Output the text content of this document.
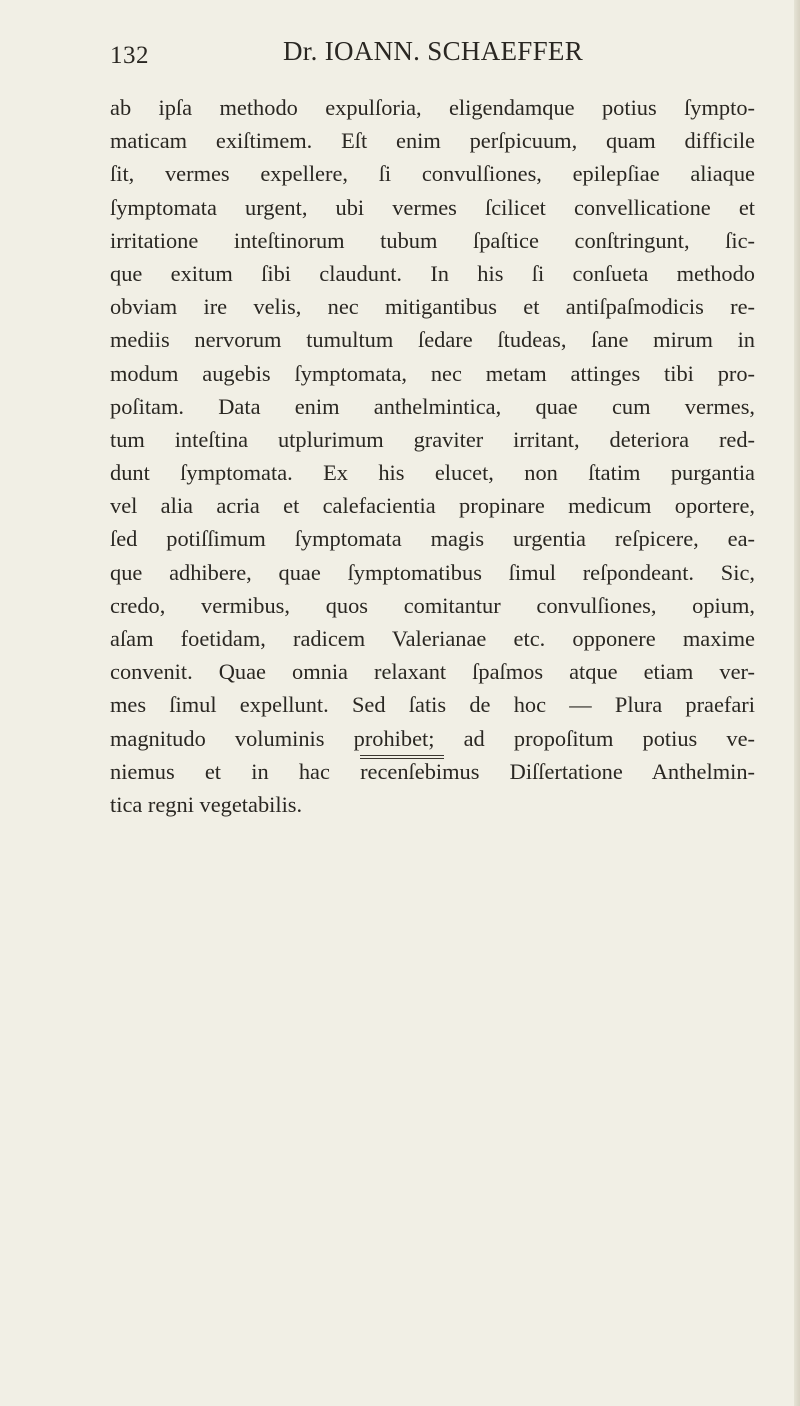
132	Dr. IOANN. SCHAEFFER
ab ipſa methodo expulſoria, eligendamque potius ſympto-
maticam exiſtimem. Eſt enim perſpicuum, quam difficile
ſit, vermes expellere, ſi convulſiones, epilepſiae aliaque
ſymptomata urgent, ubi vermes ſcilicet convellicatione et
irritatione inteſtinorum tubum ſpaſtice conſtringunt, ſic-
que exitum ſibi claudunt. In his ſi conſueta methodo
obviam ire velis, nec mitigantibus et antiſpaſmodicis re-
mediis nervorum tumultum ſedare ſtudeas, ſane mirum in
modum augebis ſymptomata, nec metam attinges tibi pro-
poſitam. Data enim anthelmintica, quae cum vermes,
tum inteſtina utplurimum graviter irritant, deteriora red-
dunt ſymptomata. Ex his elucet, non ſtatim purgantia
vel alia acria et calefacientia propinare medicum oportere,
ſed potiſſimum ſymptomata magis urgentia reſpicere, ea-
que adhibere, quae ſymptomatibus ſimul reſpondeant. Sic,
credo, vermibus, quos comitantur convulſiones, opium,
aſam foetidam, radicem Valerianae etc. opponere maxime
convenit. Quae omnia relaxant ſpaſmos atque etiam ver-
mes ſimul expellunt. Sed ſatis de hoc — Plura praefari
magnitudo voluminis prohibet; ad propoſitum potius ve-
niemus et in hac recenſebimus Diſſertatione Anthelmin-
tica regni vegetabilis.
